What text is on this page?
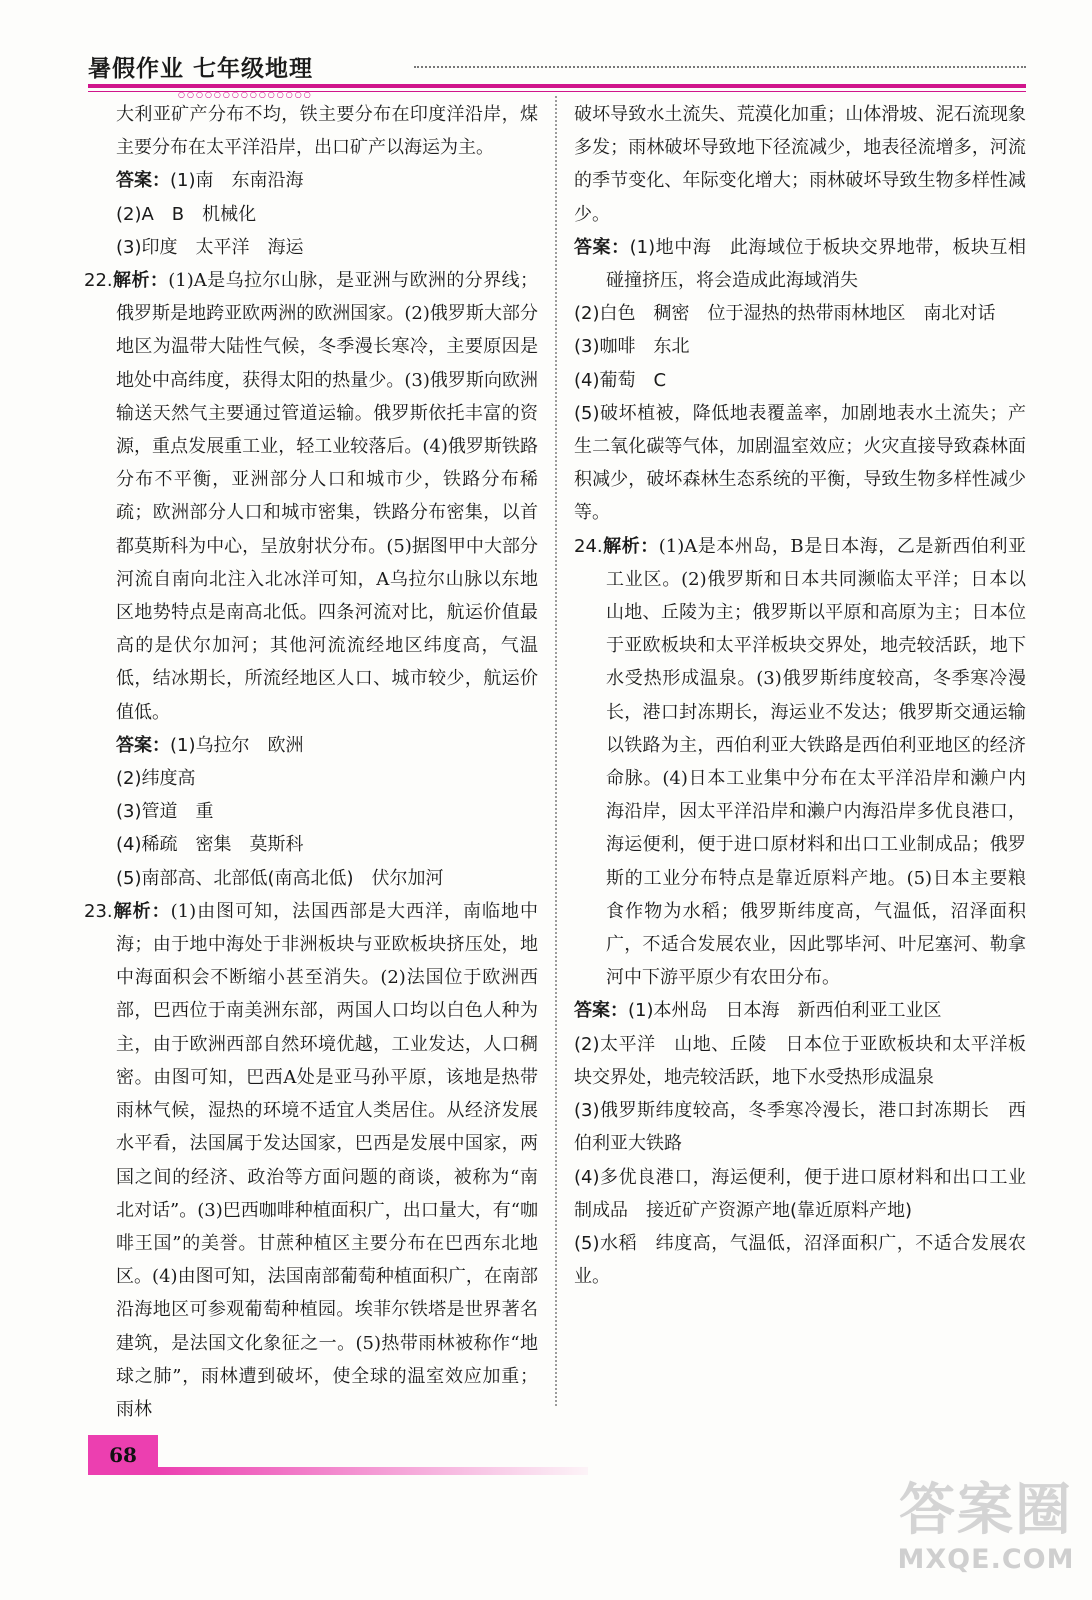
暑假作业 七年级地理
○○○○○○○○○○○○○○○

大利亚矿产分布不均，铁主要分布在印度洋沿岸，煤主要分布在太平洋沿岸，出口矿产以海运为主。

答案：(1)南　东南沿海

(2)A　B　机械化

(3)印度　太平洋　海运

22.解析：(1)A是乌拉尔山脉，是亚洲与欧洲的分界线；俄罗斯是地跨亚欧两洲的欧洲国家。(2)俄罗斯大部分地区为温带大陆性气候，冬季漫长寒冷，主要原因是地处中高纬度，获得太阳的热量少。(3)俄罗斯向欧洲输送天然气主要通过管道运输。俄罗斯依托丰富的资源，重点发展重工业，轻工业较落后。(4)俄罗斯铁路分布不平衡，亚洲部分人口和城市少，铁路分布稀疏；欧洲部分人口和城市密集，铁路分布密集，以首都莫斯科为中心，呈放射状分布。(5)据图甲中大部分河流自南向北注入北冰洋可知，A乌拉尔山脉以东地区地势特点是南高北低。四条河流对比，航运价值最高的是伏尔加河；其他河流流经地区纬度高，气温低，结冰期长，所流经地区人口、城市较少，航运价值低。

答案：(1)乌拉尔　欧洲

(2)纬度高

(3)管道　重

(4)稀疏　密集　莫斯科

(5)南部高、北部低(南高北低)　伏尔加河

23.解析：(1)由图可知，法国西部是大西洋，南临地中海；由于地中海处于非洲板块与亚欧板块挤压处，地中海面积会不断缩小甚至消失。(2)法国位于欧洲西部，巴西位于南美洲东部，两国人口均以白色人种为主，由于欧洲西部自然环境优越，工业发达，人口稠密。由图可知，巴西A处是亚马孙平原，该地是热带雨林气候，湿热的环境不适宜人类居住。从经济发展水平看，法国属于发达国家，巴西是发展中国家，两国之间的经济、政治等方面问题的商谈，被称为“南北对话”。(3)巴西咖啡种植面积广，出口量大，有“咖啡王国”的美誉。甘蔗种植区主要分布在巴西东北地区。(4)由图可知，法国南部葡萄种植面积广，在南部沿海地区可参观葡萄种植园。埃菲尔铁塔是世界著名建筑，是法国文化象征之一。(5)热带雨林被称作“地球之肺”，雨林遭到破坏，使全球的温室效应加重；雨林

破坏导致水土流失、荒漠化加重；山体滑坡、泥石流现象多发；雨林破坏导致地下径流减少，地表径流增多，河流的季节变化、年际变化增大；雨林破坏导致生物多样性减少。

答案：(1)地中海　此海域位于板块交界地带，板块互相碰撞挤压，将会造成此海域消失

(2)白色　稠密　位于湿热的热带雨林地区　南北对话

(3)咖啡　东北

(4)葡萄　C

(5)破坏植被，降低地表覆盖率，加剧地表水土流失；产生二氧化碳等气体，加剧温室效应；火灾直接导致森林面积减少，破坏森林生态系统的平衡，导致生物多样性减少等。

24.解析：(1)A是本州岛，B是日本海，乙是新西伯利亚工业区。(2)俄罗斯和日本共同濒临太平洋；日本以山地、丘陵为主；俄罗斯以平原和高原为主；日本位于亚欧板块和太平洋板块交界处，地壳较活跃，地下水受热形成温泉。(3)俄罗斯纬度较高，冬季寒冷漫长，港口封冻期长，海运业不发达；俄罗斯交通运输以铁路为主，西伯利亚大铁路是西伯利亚地区的经济命脉。(4)日本工业集中分布在太平洋沿岸和濑户内海沿岸，因太平洋沿岸和濑户内海沿岸多优良港口，海运便利，便于进口原材料和出口工业制成品；俄罗斯的工业分布特点是靠近原料产地。(5)日本主要粮食作物为水稻；俄罗斯纬度高，气温低，沼泽面积广，不适合发展农业，因此鄂毕河、叶尼塞河、勒拿河中下游平原少有农田分布。

答案：(1)本州岛　日本海　新西伯利亚工业区

(2)太平洋　山地、丘陵　日本位于亚欧板块和太平洋板块交界处，地壳较活跃，地下水受热形成温泉

(3)俄罗斯纬度较高，冬季寒冷漫长，港口封冻期长　西伯利亚大铁路

(4)多优良港口，海运便利，便于进口原材料和出口工业制成品　接近矿产资源产地(靠近原料产地)

(5)水稻　纬度高，气温低，沼泽面积广，不适合发展农业。

68
答案圈
MXQE.COM
